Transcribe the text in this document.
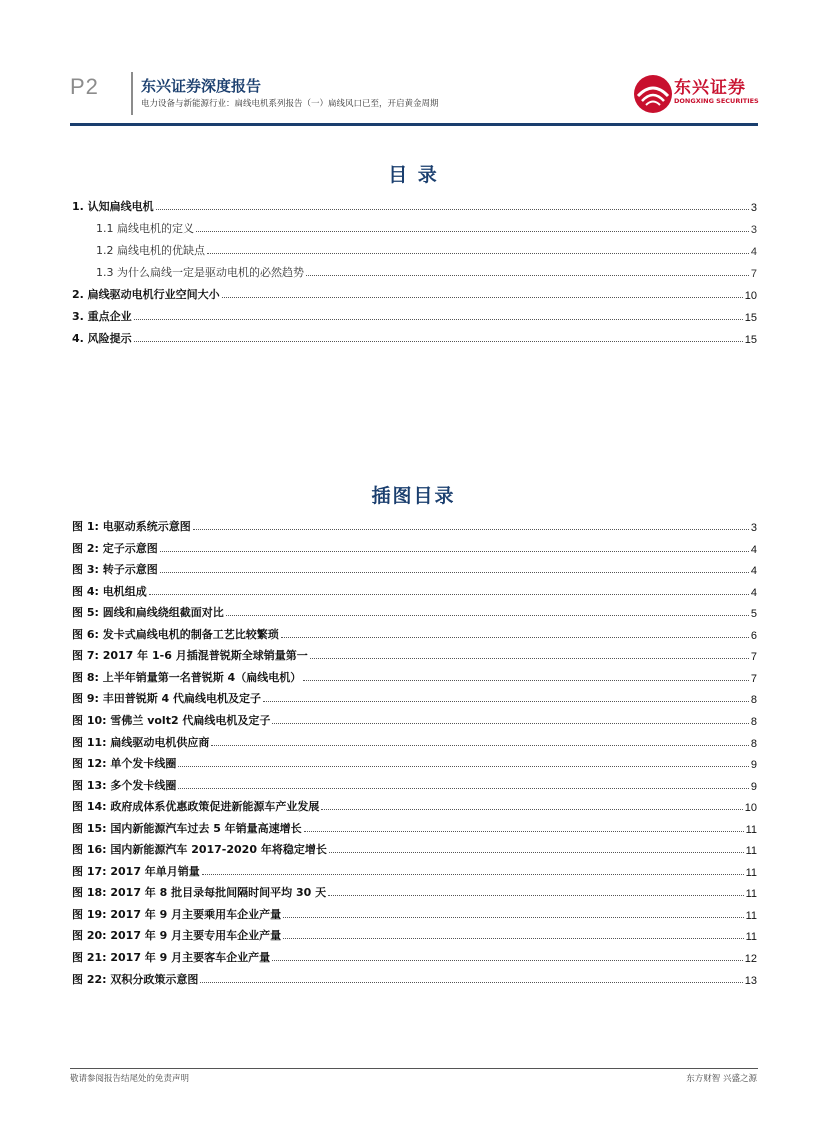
P2	东兴证券深度报告
电力设备与新能源行业：扁线电机系列报告（一）扁线风口已至，开启黄金周期
东兴证券
DONGXING SECURITIES
目 录
1. 认知扁线电机	3
1.1 扁线电机的定义	3
1.2 扁线电机的优缺点	4
1.3 为什么扁线一定是驱动电机的必然趋势	7
2. 扁线驱动电机行业空间大小	10
3. 重点企业	15
4. 风险提示	15
插图目录
图 1: 电驱动系统示意图	3
图 2: 定子示意图	4
图 3: 转子示意图	4
图 4: 电机组成	4
图 5: 圆线和扁线绕组截面对比	5
图 6: 发卡式扁线电机的制备工艺比较繁琐	6
图 7: 2017 年 1-6 月插混普锐斯全球销量第一	7
图 8: 上半年销量第一名普锐斯 4（扁线电机）	7
图 9: 丰田普锐斯 4 代扁线电机及定子	8
图 10: 雪佛兰 volt2 代扁线电机及定子	8
图 11: 扁线驱动电机供应商	8
图 12: 单个发卡线圈	9
图 13: 多个发卡线圈	9
图 14: 政府成体系优惠政策促进新能源车产业发展	10
图 15: 国内新能源汽车过去 5 年销量高速增长	11
图 16: 国内新能源汽车 2017-2020 年将稳定增长	11
图 17: 2017 年单月销量	11
图 18: 2017 年 8 批目录每批间隔时间平均 30 天	11
图 19: 2017 年 9 月主要乘用车企业产量	11
图 20: 2017 年 9 月主要专用车企业产量	11
图 21: 2017 年 9 月主要客车企业产量	12
图 22: 双积分政策示意图	13
敬请参阅报告结尾处的免责声明	东方财智 兴盛之源
